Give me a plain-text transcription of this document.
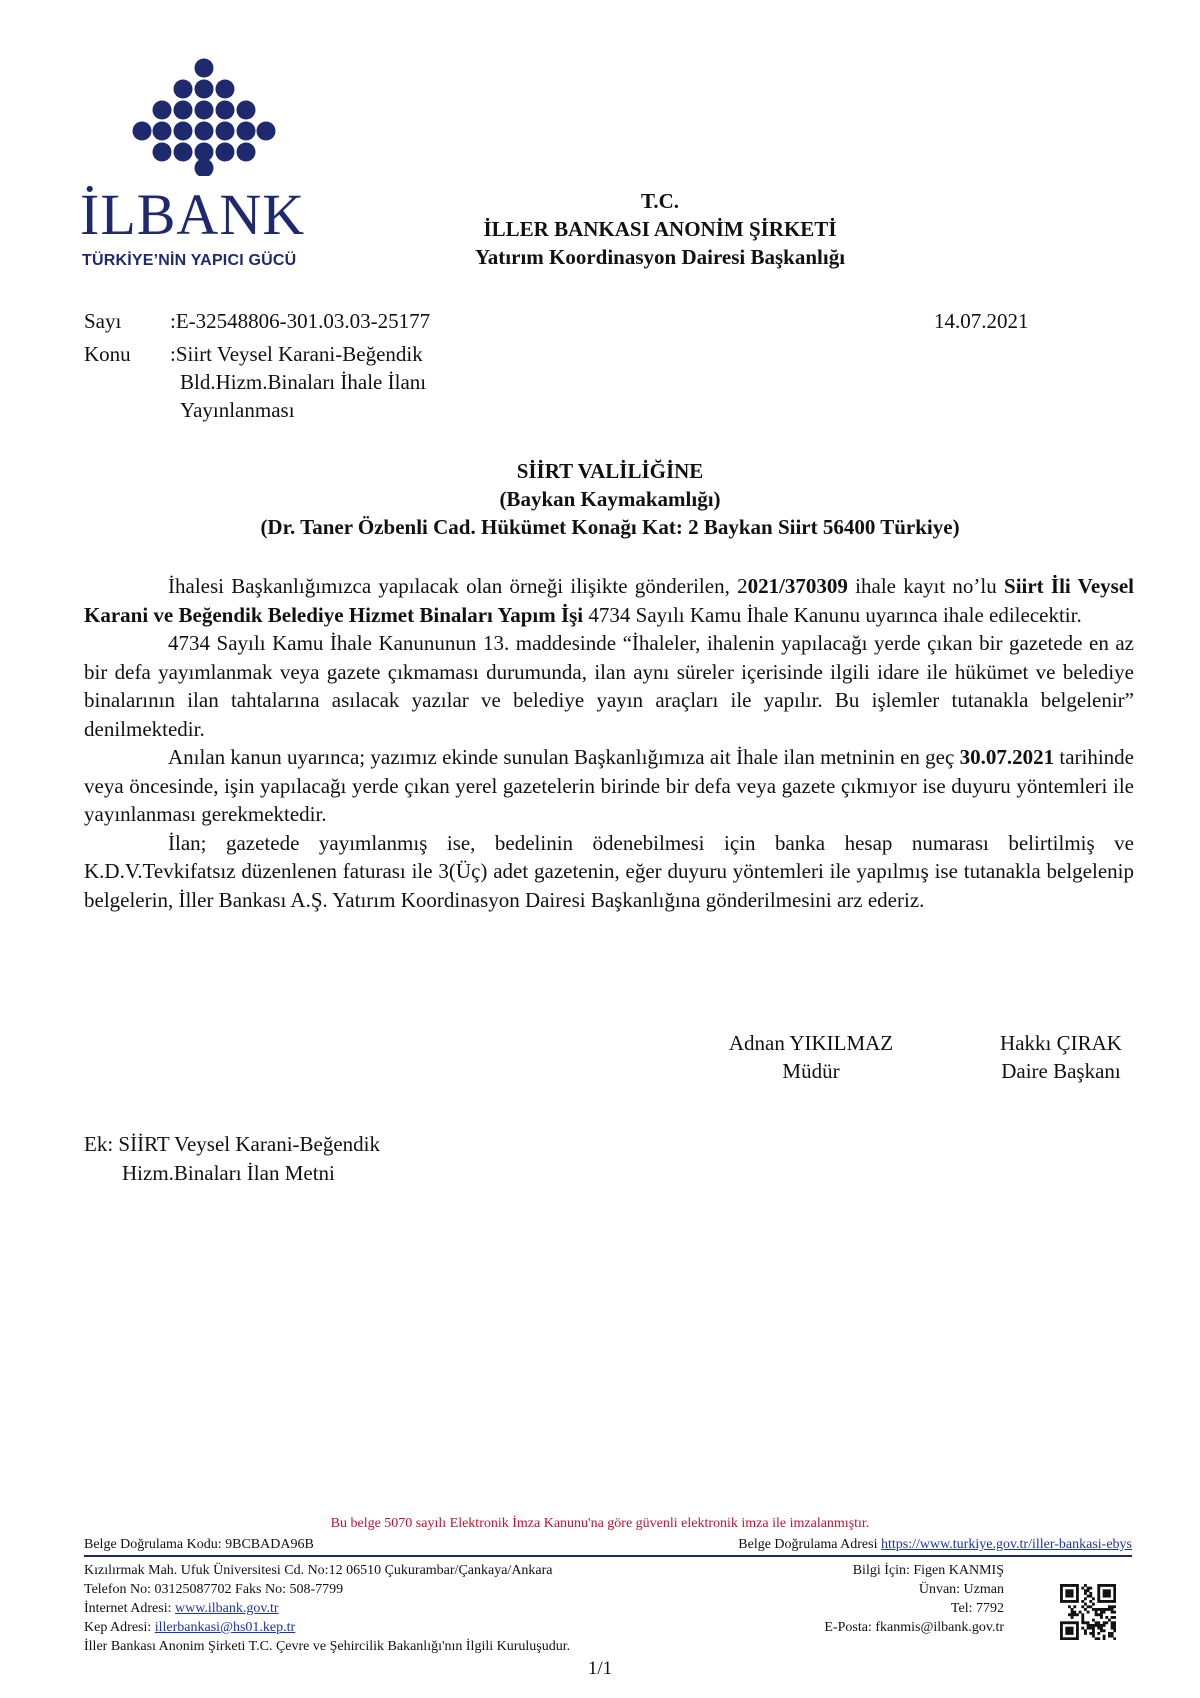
İLBANK
TÜRKİYE’NİN YAPICI GÜCÜ
T.C.
İLLER BANKASI ANONİM ŞİRKETİ
Yatırım Koordinasyon Dairesi Başkanlığı
Sayı :E-32548806-301.03.03-25177	14.07.2021
Konu :Siirt Veysel Karani-Beğendik
Bld.Hizm.Binaları İhale İlanı
Yayınlanması
SİİRT VALİLİĞİNE
(Baykan Kaymakamlığı)
(Dr. Taner Özbenli Cad. Hükümet Konağı Kat: 2 Baykan Siirt 56400 Türkiye)

İhalesi Başkanlığımızca yapılacak olan örneği ilişikte gönderilen, 2021/370309 ihale kayıt no’lu Siirt İli Veysel Karani ve Beğendik Belediye Hizmet Binaları Yapım İşi 4734 Sayılı Kamu İhale Kanunu uyarınca ihale edilecektir.

4734 Sayılı Kamu İhale Kanununun 13. maddesinde “İhaleler, ihalenin yapılacağı yerde çıkan bir gazetede en az bir defa yayımlanmak veya gazete çıkmaması durumunda, ilan aynı süreler içerisinde ilgili idare ile hükümet ve belediye binalarının ilan tahtalarına asılacak yazılar ve belediye yayın araçları ile yapılır. Bu işlemler tutanakla belgelenir” denilmektedir.

Anılan kanun uyarınca; yazımız ekinde sunulan Başkanlığımıza ait İhale ilan metninin en geç 30.07.2021 tarihinde veya öncesinde, işin yapılacağı yerde çıkan yerel gazetelerin birinde bir defa veya gazete çıkmıyor ise duyuru yöntemleri ile yayınlanması gerekmektedir.

İlan; gazetede yayımlanmış ise, bedelinin ödenebilmesi için banka hesap numarası belirtilmiş ve K.D.V.Tevkifatsız düzenlenen faturası ile 3(Üç) adet gazetenin, eğer duyuru yöntemleri ile yapılmış ise tutanakla belgelenip belgelerin, İller Bankası A.Ş. Yatırım Koordinasyon Dairesi Başkanlığına gönderilmesini arz ederiz.

Adnan YIKILMAZ
Müdür
Hakkı ÇIRAK
Daire Başkanı
Ek: SİİRT Veysel Karani-Beğendik
Hizm.Binaları İlan Metni
Bu belge 5070 sayılı Elektronik İmza Kanunu'na göre güvenli elektronik imza ile imzalanmıştır.
Belge Doğrulama Kodu: 9BCBADA96B	Belge Doğrulama Adresi https://www.turkiye.gov.tr/iller-bankasi-ebys
Kızılırmak Mah. Ufuk Üniversitesi Cd. No:12 06510 Çukurambar/Çankaya/Ankara
Telefon No: 03125087702 Faks No: 508-7799
İnternet Adresi: www.ilbank.gov.tr
Kep Adresi: illerbankasi@hs01.kep.tr
İller Bankası Anonim Şirketi T.C. Çevre ve Şehircilik Bakanlığı'nın İlgili Kuruluşudur.
Bilgi İçin: Figen KANMIŞ
Ünvan: Uzman
Tel: 7792
E-Posta: fkanmis@ilbank.gov.tr
1/1
